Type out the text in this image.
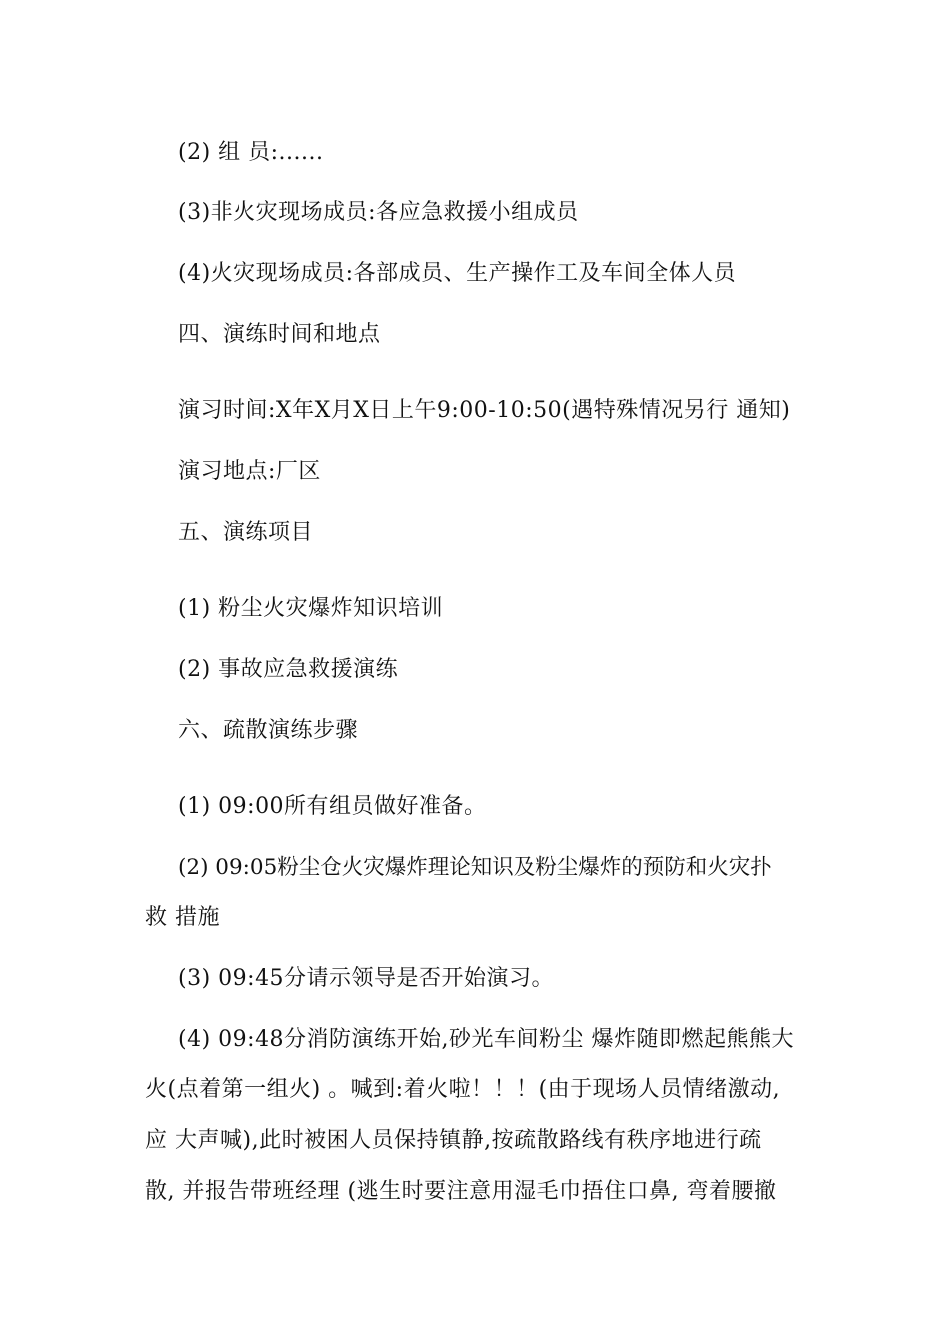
(2) 组 员:......
(3)非火灾现场成员:各应急救援小组成员
(4)火灾现场成员:各部成员、生产操作工及车间全体人员
四、演练时间和地点
演习时间:X年X月X日上午9:00-10:50(遇特殊情况另行 通知)
演习地点:厂区
五、演练项目
(1) 粉尘火灾爆炸知识培训
(2) 事故应急救援演练
六、疏散演练步骤
(1) 09:00所有组员做好准备。
(2) 09:05粉尘仓火灾爆炸理论知识及粉尘爆炸的预防和火灾扑
救 措施
(3) 09:45分请示领导是否开始演习。
(4) 09:48分消防演练开始,砂光车间粉尘 爆炸随即燃起熊熊大
火(点着第一组火) 。喊到:着火啦！！！(由于现场人员情绪激动,
应 大声喊),此时被困人员保持镇静,按疏散路线有秩序地进行疏
散, 并报告带班经理 (逃生时要注意用湿毛巾捂住口鼻, 弯着腰撤
